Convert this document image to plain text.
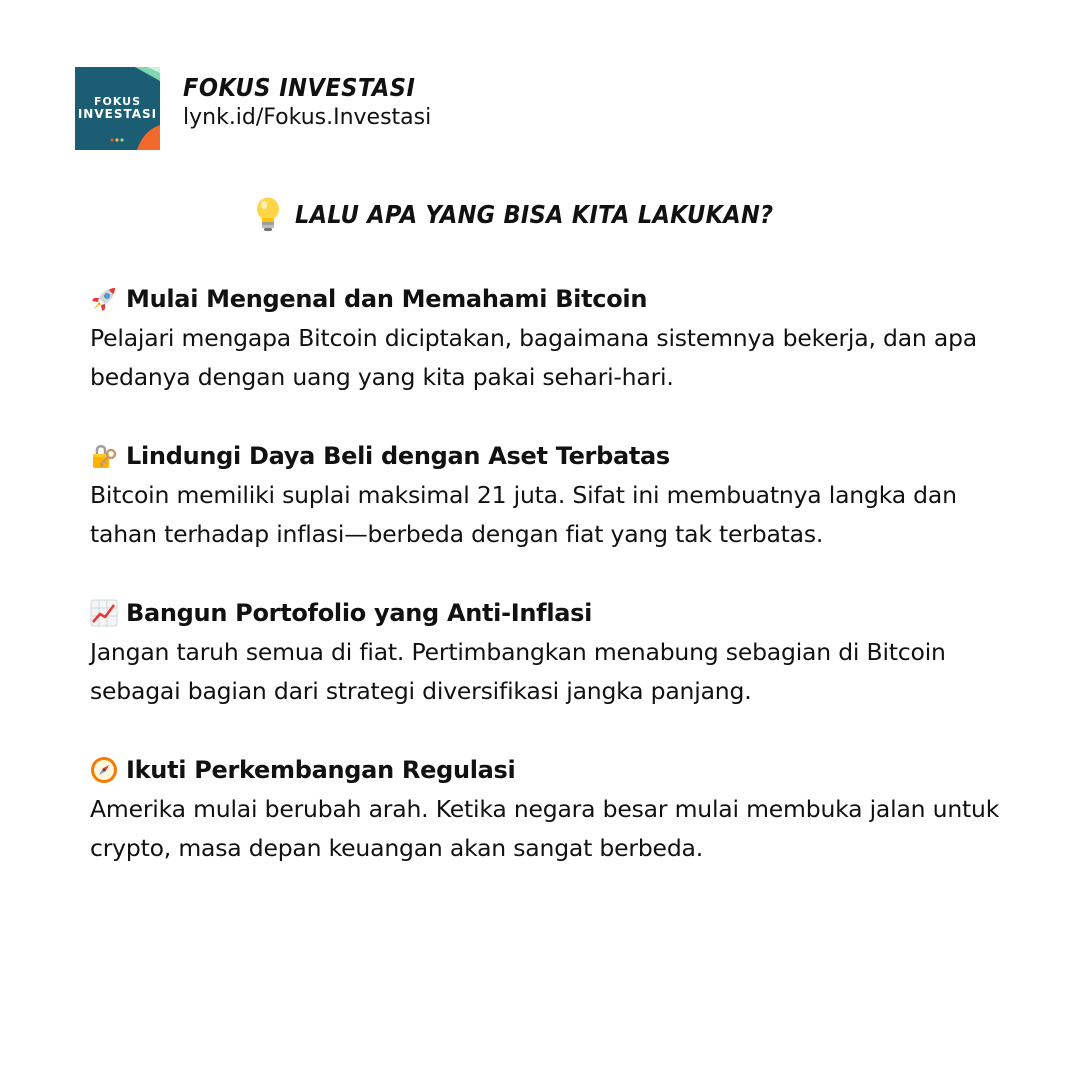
FOKUS
INVESTASI
FOKUS INVESTASI
lynk.id/Fokus.Investasi
LALU APA YANG BISA KITA LAKUKAN?
Mulai Mengenal dan Memahami Bitcoin
Pelajari mengapa Bitcoin diciptakan, bagaimana sistemnya bekerja, dan apa bedanya dengan uang yang kita pakai sehari-hari.
Lindungi Daya Beli dengan Aset Terbatas
Bitcoin memiliki suplai maksimal 21 juta. Sifat ini membuatnya langka dan tahan terhadap inflasi—berbeda dengan fiat yang tak terbatas.
Bangun Portofolio yang Anti-Inflasi
Jangan taruh semua di fiat. Pertimbangkan menabung sebagian di Bitcoin sebagai bagian dari strategi diversifikasi jangka panjang.
Ikuti Perkembangan Regulasi
Amerika mulai berubah arah. Ketika negara besar mulai membuka jalan untuk crypto, masa depan keuangan akan sangat berbeda.
